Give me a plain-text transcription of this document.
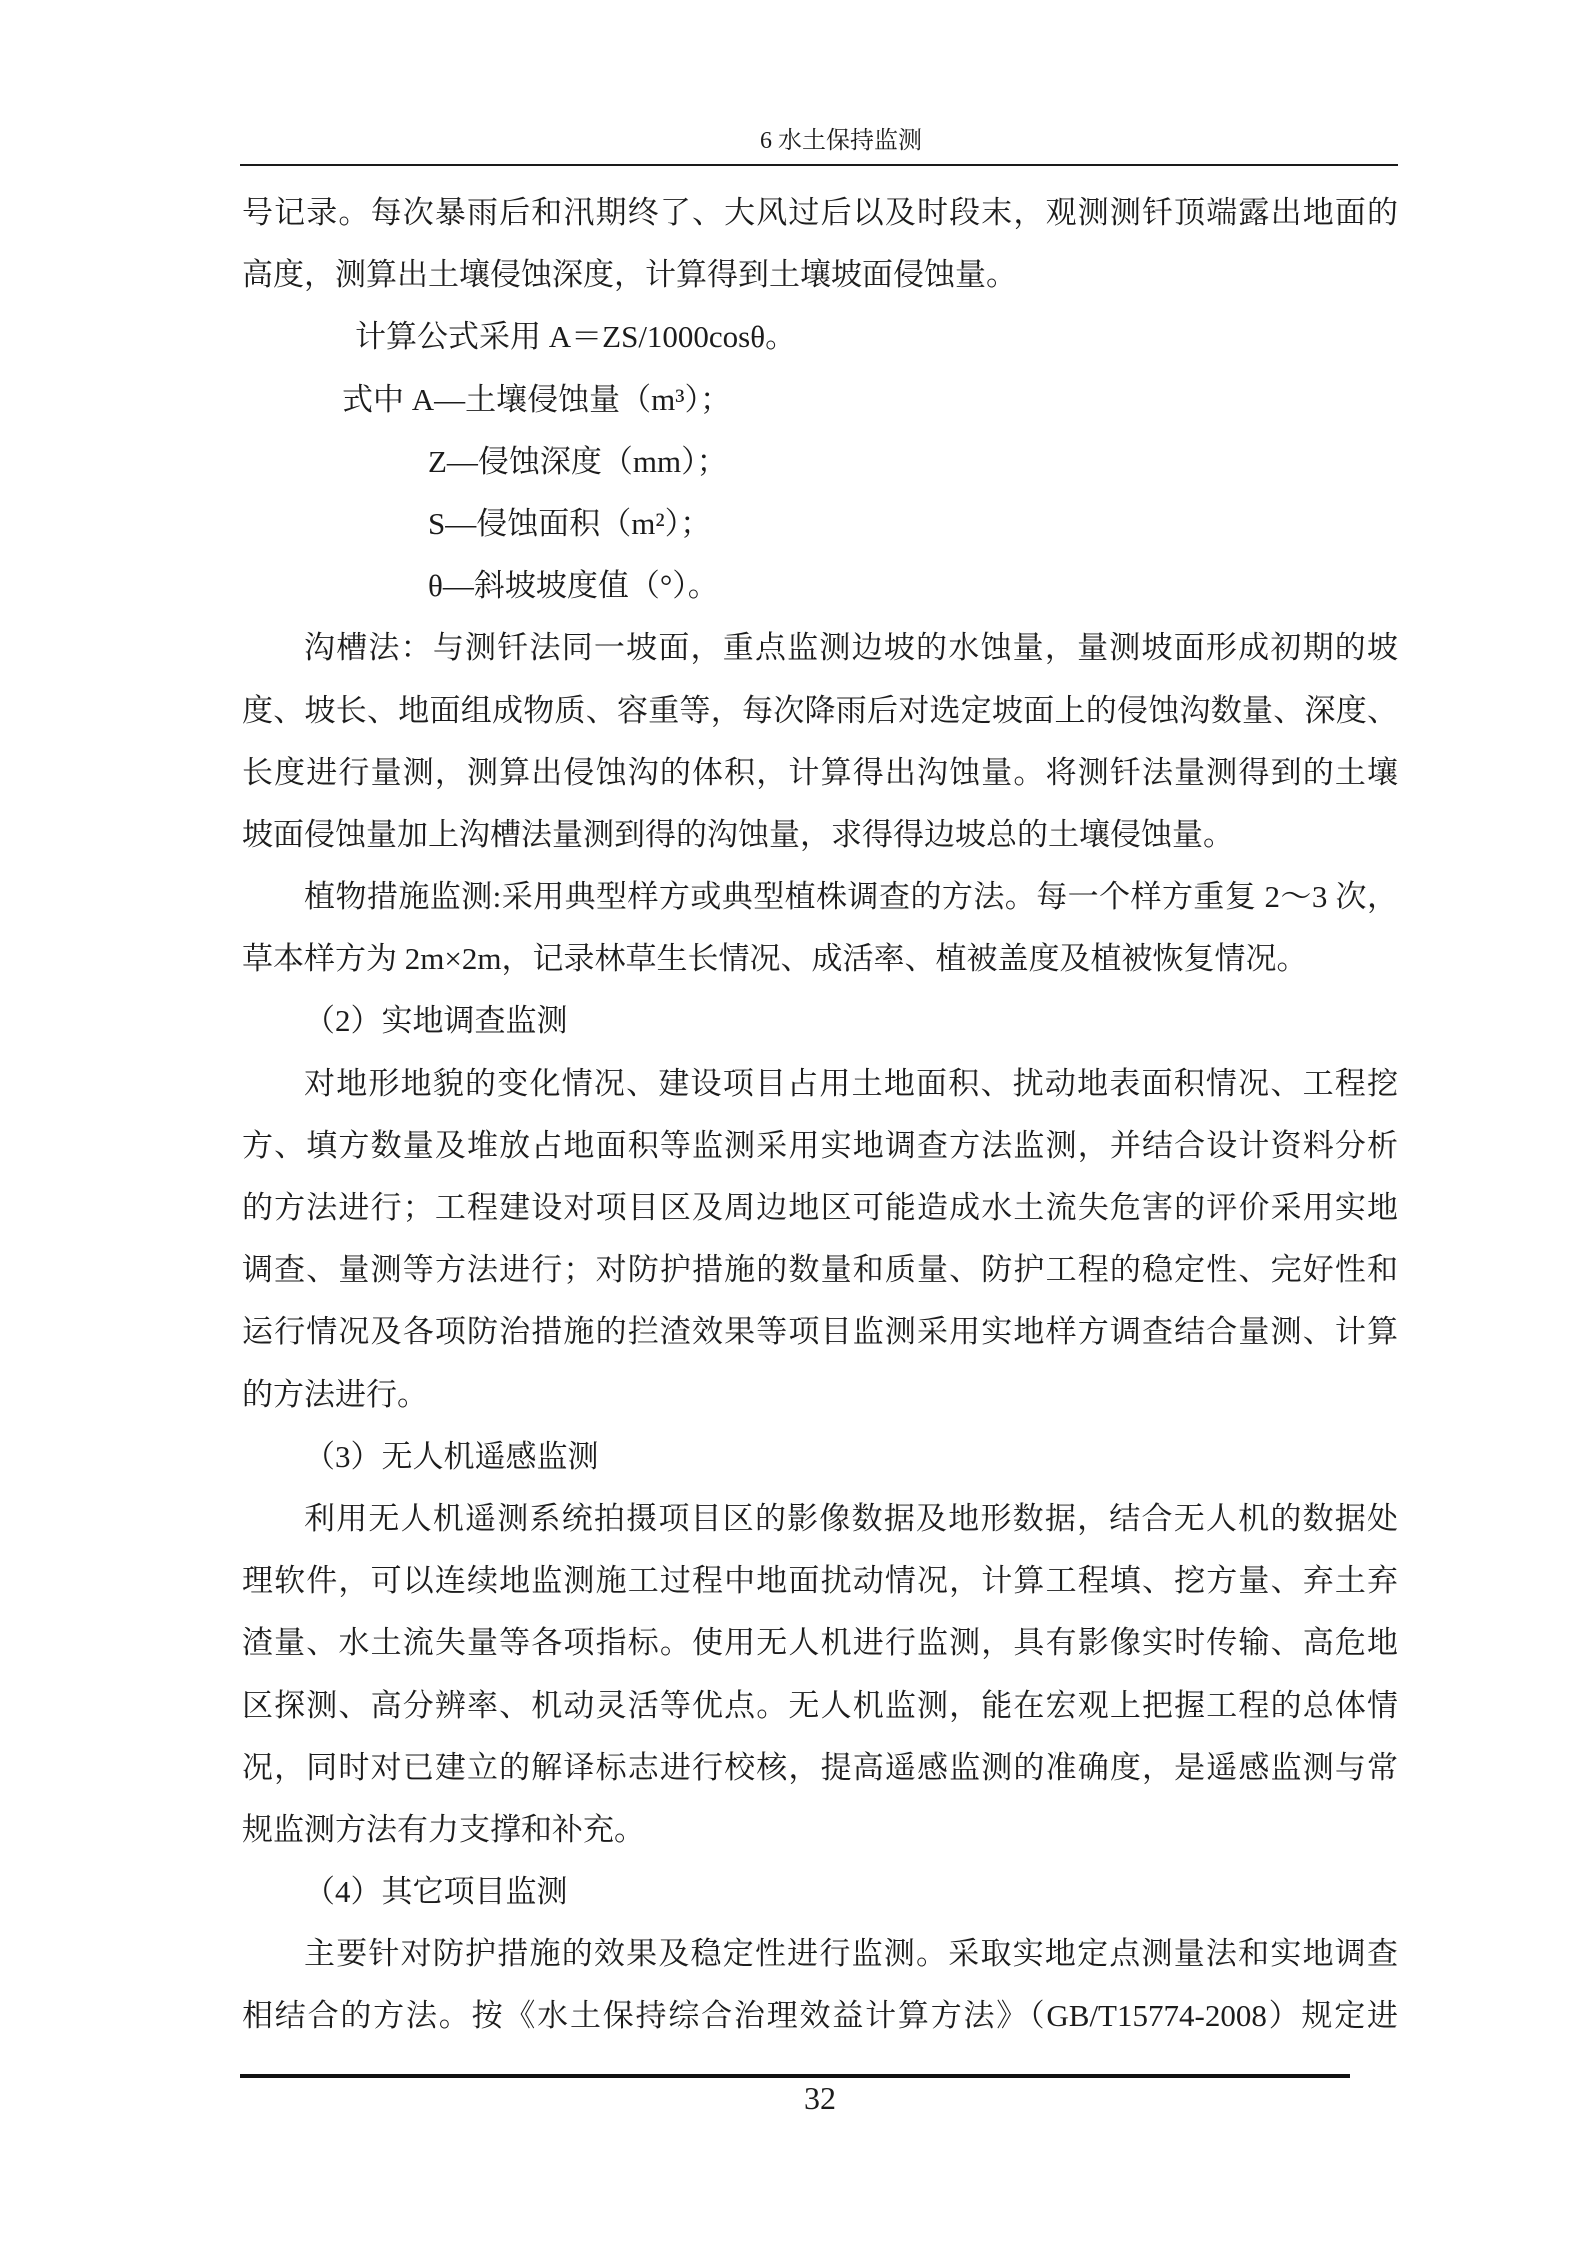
6 水土保持监测
号记录。每次暴雨后和汛期终了、大风过后以及时段末，观测测钎顶端露出地面的
高度，测算出土壤侵蚀深度，计算得到土壤坡面侵蚀量。
计算公式采用 A＝ZS/1000cosθ。
式中 A—土壤侵蚀量（m³）；
Z—侵蚀深度（mm）；
S—侵蚀面积（m²）；
θ—斜坡坡度值（°）。
沟槽法：与测钎法同一坡面，重点监测边坡的水蚀量，量测坡面形成初期的坡
度、坡长、地面组成物质、容重等，每次降雨后对选定坡面上的侵蚀沟数量、深度、
长度进行量测，测算出侵蚀沟的体积，计算得出沟蚀量。将测钎法量测得到的土壤
坡面侵蚀量加上沟槽法量测到得的沟蚀量，求得得边坡总的土壤侵蚀量。
植物措施监测:采用典型样方或典型植株调查的方法。每一个样方重复 2～3 次，
草本样方为 2m×2m，记录林草生长情况、成活率、植被盖度及植被恢复情况。
（2）实地调查监测
对地形地貌的变化情况、建设项目占用土地面积、扰动地表面积情况、工程挖
方、填方数量及堆放占地面积等监测采用实地调查方法监测，并结合设计资料分析
的方法进行；工程建设对项目区及周边地区可能造成水土流失危害的评价采用实地
调查、量测等方法进行；对防护措施的数量和质量、防护工程的稳定性、完好性和
运行情况及各项防治措施的拦渣效果等项目监测采用实地样方调查结合量测、计算
的方法进行。
（3）无人机遥感监测
利用无人机遥测系统拍摄项目区的影像数据及地形数据，结合无人机的数据处
理软件，可以连续地监测施工过程中地面扰动情况，计算工程填、挖方量、弃土弃
渣量、水土流失量等各项指标。使用无人机进行监测，具有影像实时传输、高危地
区探测、高分辨率、机动灵活等优点。无人机监测，能在宏观上把握工程的总体情
况，同时对已建立的解译标志进行校核，提高遥感监测的准确度，是遥感监测与常
规监测方法有力支撑和补充。
（4）其它项目监测
主要针对防护措施的效果及稳定性进行监测。采取实地定点测量法和实地调查
相结合的方法。按《水土保持综合治理效益计算方法》（GB/T15774-2008）规定进
32
